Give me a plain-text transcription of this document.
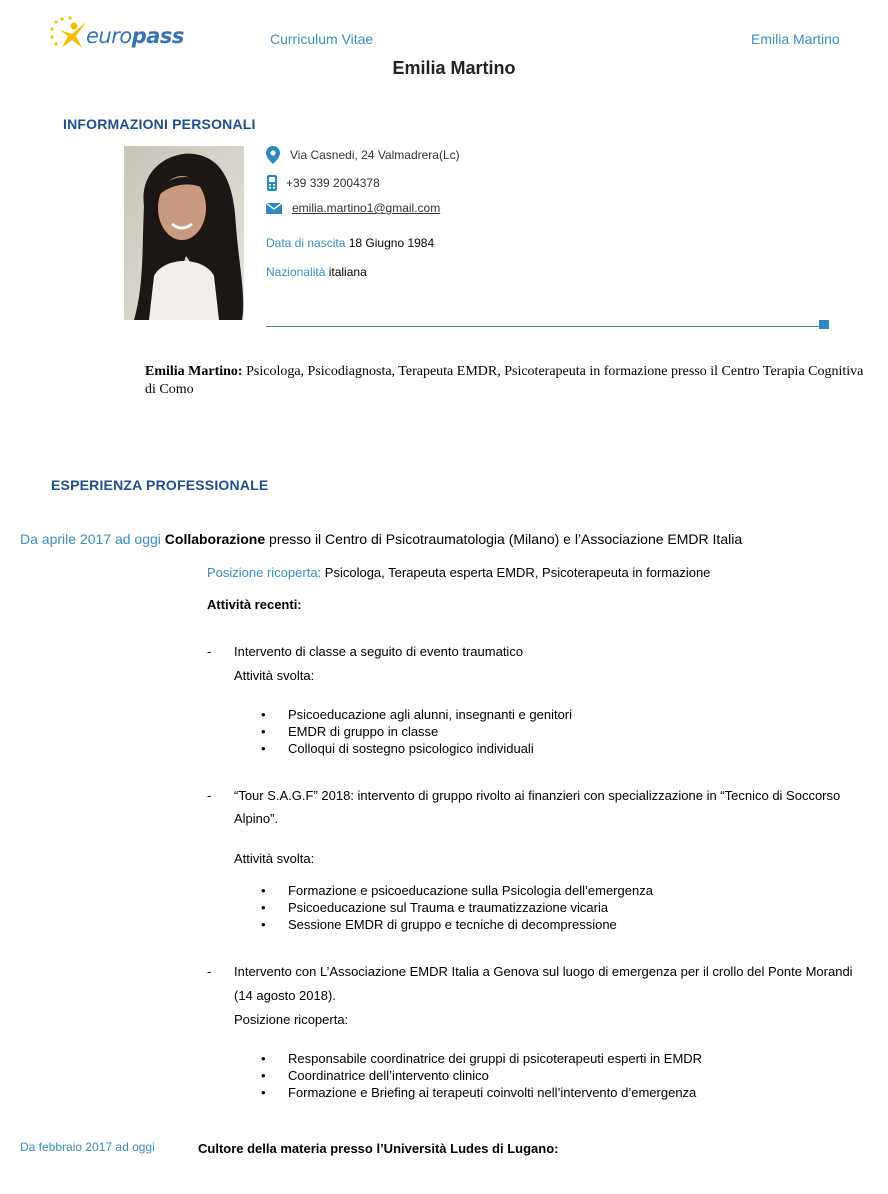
europass	Curriculum Vitae	Emilia Martino
Emilia Martino
INFORMAZIONI PERSONALI
Via Casnedi, 24 Valmadrera(Lc)
+39 339 2004378
emilia.martino1@gmail.com
Data di nascita 18 Giugno 1984
Nazionalità italiana
Emilia Martino: Psicologa, Psicodiagnosta, Terapeuta EMDR, Psicoterapeuta in formazione presso il Centro Terapia Cognitiva di Como
ESPERIENZA PROFESSIONALE
Da aprile 2017 ad oggi Collaborazione presso il Centro di Psicotraumatologia (Milano) e l’Associazione EMDR Italia
Posizione ricoperta: Psicologa, Terapeuta esperta EMDR, Psicoterapeuta in formazione
Attività recenti:
- Intervento di classe a seguito di evento traumatico
Attività svolta:
• Psicoeducazione agli alunni, insegnanti e genitori
• EMDR di gruppo in classe
• Colloqui di sostegno psicologico individuali
- “Tour S.A.G.F” 2018: intervento di gruppo rivolto ai finanzieri con specializzazione in “Tecnico di Soccorso
Alpino”.
Attività svolta:
• Formazione e psicoeducazione sulla Psicologia dell’emergenza
• Psicoeducazione sul Trauma e traumatizzazione vicaria
• Sessione EMDR di gruppo e tecniche di decompressione
- Intervento con L’Associazione EMDR Italia a Genova sul luogo di emergenza per il crollo del Ponte Morandi
(14 agosto 2018).
Posizione ricoperta:
• Responsabile coordinatrice dei gruppi di psicoterapeuti esperti in EMDR
• Coordinatrice dell’intervento clinico
• Formazione e Briefing ai terapeuti coinvolti nell’intervento d’emergenza
Da febbraio 2017 ad oggi	Cultore della materia presso l’Università Ludes di Lugano:
